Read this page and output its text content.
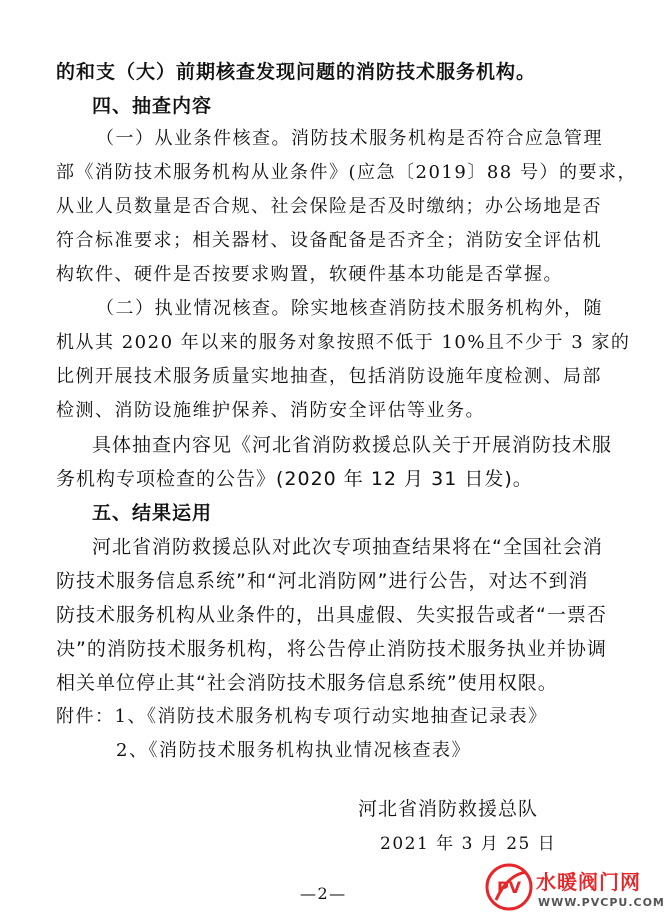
的和支（大）前期核查发现问题的消防技术服务机构。
四、抽查内容
（一）从业条件核查。消防技术服务机构是否符合应急管理
部《消防技术服务机构从业条件》(应急〔2019〕88 号）的要求，
从业人员数量是否合规、社会保险是否及时缴纳；办公场地是否
符合标准要求；相关器材、设备配备是否齐全；消防安全评估机
构软件、硬件是否按要求购置，软硬件基本功能是否掌握。
（二）执业情况核查。除实地核查消防技术服务机构外，随
机从其 2020 年以来的服务对象按照不低于 10%且不少于 3 家的
比例开展技术服务质量实地抽查，包括消防设施年度检测、局部
检测、消防设施维护保养、消防安全评估等业务。
具体抽查内容见《河北省消防救援总队关于开展消防技术服
务机构专项检查的公告》(2020 年 12 月 31 日发)。
五、结果运用
河北省消防救援总队对此次专项抽查结果将在“全国社会消
防技术服务信息系统”和“河北消防网”进行公告，对达不到消
防技术服务机构从业条件的，出具虚假、失实报告或者“一票否
决”的消防技术服务机构，将公告停止消防技术服务执业并协调
相关单位停止其“社会消防技术服务信息系统”使用权限。
附件：1、《消防技术服务机构专项行动实地抽查记录表》
2、《消防技术服务机构执业情况核查表》
河北省消防救援总队
2021 年 3 月 25 日
—2—	PV 水暖阀门网
WWW.PVCPU.COM
